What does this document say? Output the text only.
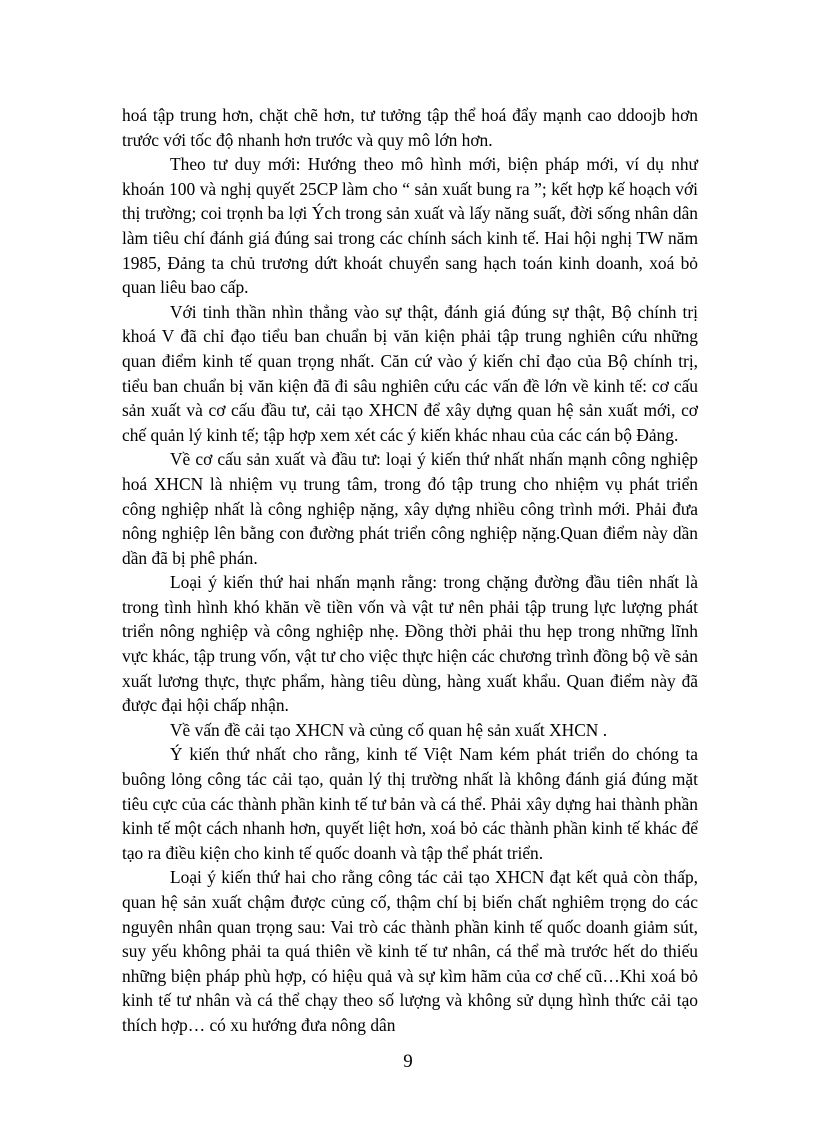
hoá tập trung hơn, chặt chẽ hơn, tư tưởng tập thể hoá đẩy mạnh cao ddoojb hơn trước với tốc độ nhanh hơn trước và quy mô lớn hơn.

Theo tư duy mới: Hướng theo mô hình mới, biện pháp mới, ví dụ như khoán 100 và nghị quyết 25CP làm cho “ sản xuất bung ra ”; kết hợp kế hoạch với thị trường; coi trọnh ba lợi Ých trong sản xuất và lấy năng suất, đời sống nhân dân làm tiêu chí đánh giá đúng sai trong các chính sách kinh tế. Hai hội nghị TW năm 1985, Đảng ta chủ trương dứt khoát chuyển sang hạch toán kinh doanh, xoá bỏ quan liêu bao cấp.

Với tinh thần nhìn thẳng vào sự thật, đánh giá đúng sự thật, Bộ chính trị khoá V đã chỉ đạo tiểu ban chuẩn bị văn kiện phải tập trung nghiên cứu những quan điểm kinh tế quan trọng nhất. Căn cứ vào ý kiến chỉ đạo của Bộ chính trị, tiểu ban chuẩn bị văn kiện đã đi sâu nghiên cứu các vấn đề lớn về kinh tế: cơ cấu sản xuất và cơ cấu đầu tư, cải tạo XHCN để xây dựng quan hệ sản xuất mới, cơ chế quản lý kinh tế; tập hợp xem xét các ý kiến khác nhau của các cán bộ Đảng.

Về cơ cấu sản xuất và đầu tư: loại ý kiến thứ nhất nhấn mạnh công nghiệp hoá XHCN là nhiệm vụ trung tâm, trong đó tập trung cho nhiệm vụ phát triển công nghiệp nhất là công nghiệp nặng, xây dựng nhiều công trình mới. Phải đưa nông nghiệp lên bằng con đường phát triển công nghiệp nặng.Quan điểm này dần dần đã bị phê phán.

Loại ý kiến thứ hai nhấn mạnh rằng: trong chặng đường đầu tiên nhất là trong tình hình khó khăn về tiền vốn và vật tư nên phải tập trung lực lượng phát triển nông nghiệp và công nghiệp nhẹ. Đồng thời phải thu hẹp trong những lĩnh vực khác, tập trung vốn, vật tư cho việc thực hiện các chương trình đồng bộ về sản xuất lương thực, thực phẩm, hàng tiêu dùng, hàng xuất khẩu. Quan điểm này đã được đại hội chấp nhận.

Về vấn đề cải tạo XHCN và củng cố quan hệ sản xuất XHCN .

Ý kiến thứ nhất cho rằng, kinh tế Việt Nam kém phát triển do chóng ta buông lỏng công tác cải tạo, quản lý thị trường nhất là không đánh giá đúng mặt tiêu cực của các thành phần kinh tế tư bản và cá thể. Phải xây dựng hai thành phần kinh tế một cách nhanh hơn, quyết liệt hơn, xoá bỏ các thành phần kinh tế khác để tạo ra điều kiện cho kinh tế quốc doanh và tập thể phát triển.

Loại ý kiến thứ hai cho rằng công tác cải tạo XHCN đạt kết quả còn thấp, quan hệ sản xuất chậm được củng cố, thậm chí bị biến chất nghiêm trọng do các nguyên nhân quan trọng sau: Vai trò các thành phần kinh tế quốc doanh giảm sút, suy yếu không phải ta quá thiên về kinh tế tư nhân, cá thể mà trước hết do thiếu những biện pháp phù hợp, có hiệu quả và sự kìm hãm của cơ chế cũ…Khi xoá bỏ kinh tế tư nhân và cá thể chạy theo số lượng và không sử dụng hình thức cải tạo thích hợp… có xu hướng đưa nông dân

9
